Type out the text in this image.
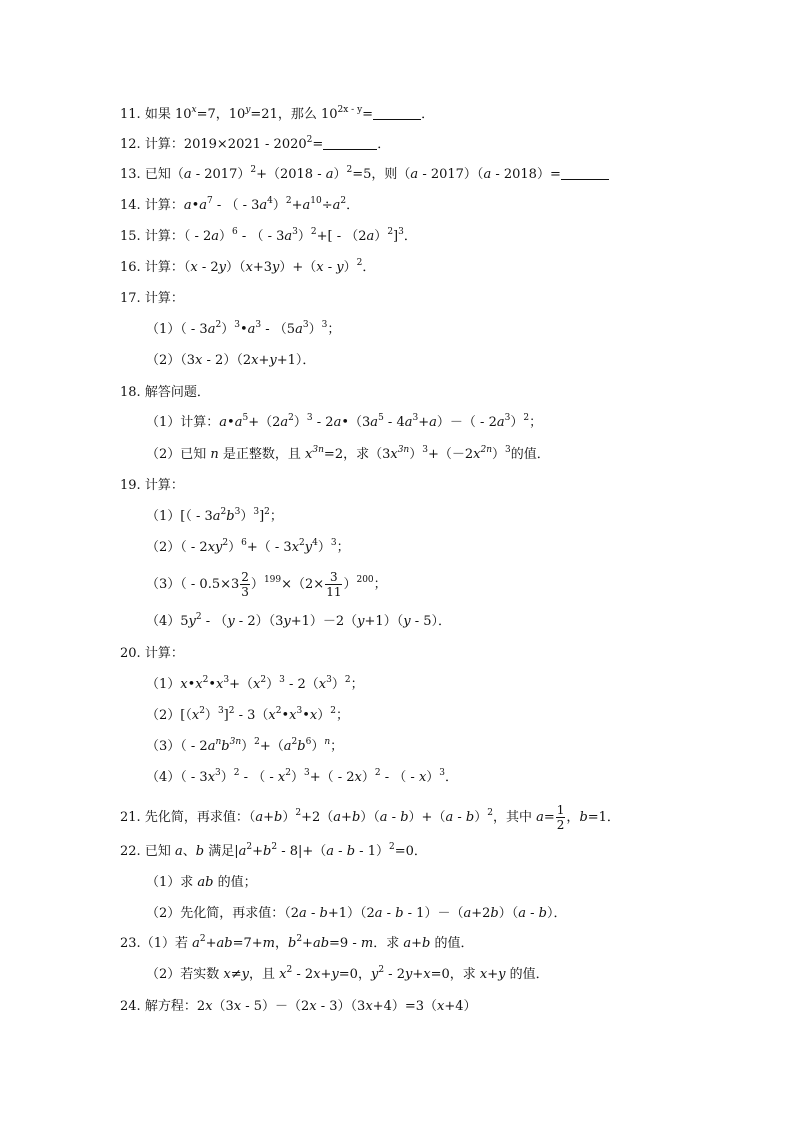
11. 如果 $10^x=7$，$10^y=21$，那么 $10^{2x - y}=$	．
12. 计算：$2019\times 2021 - 2020^2=$	．
13. 已知（a - 2017）$^2$+（2018 - a）$^2$=5，则（a - 2017）（a - 2018）=
14. 计算：$a•a^7$ - （ - $3a^4)^2+a^{10}\div a^2$．
15. 计算：（ - 2a）$^6$ - （ - $3a^3)^2+[ - (2a)^2]^3$．
16. 计算：（x - 2y）（x+3y）+（x - y）$^2$．
17. 计算：
$(1)( - 3a^2)^3•a^3 - (5a^3)^3$；
（2）（3x - 2）（2x+y+1）．
18. 解答问题．
（1）计算：$a•a^5+(2a^2)^3$ - $2a•(3a^5 - 4a^3+a)-( - 2a^3)^2$；
（2）已知 n 是正整数，且 $x^{3n}=2$，求$(3x^{3n})^3+(-2x^{2n})^3$的值．
19. 计算：
$(1)[( - 3a^2b^3)^3]^2$；
$(2)( - 2xy^2)^6+( - 3x^2y^4)^3$；
$(3)( - 0.5\times 3 \frac{2}{3} )^{199}\times(2\times \frac{3}{11} )^{200}$；
$(4)5y^2 - (y - 2)(3y+1)-2(y+1)(y - 5)$．
20. 计算：
$(1)x•x^2•x^3+(x^2)^3 - 2(x^3)^2$；
$(2)[(x^2)^3]^2$ - $3(x^2•x^3•x)^2$；
$(3)( - 2a^nb^{3n})^2+(a^2b^6)^n$；
$(4)( - 3x^3)^2$ - （ - $x^2)^3+( - 2x)^2$ - （ - x）$^3$．
21. 先化简，再求值：$(a+b)^2+2(a+b)(a - b)+(a - b)^2$，其中 $a= \frac{1}{2}$ ，b=1．
22. 已知 a、b 满足$|a^2+b^2 - 8|+(a - b - 1)^2=0$．
（1）求 ab 的值；
（2）先化简，再求值：（2a - b+1）（2a - b - 1）－（a+2b）（a - b）．
23.（1）若 $a^2+ab=7+m$，$b^2+ab=9 - m$．求 a+b 的值．
（2）若实数 x≠y，且 $x^2 - 2x+y=0$，$y^2 - 2y+x=0$，求 x+y 的值．
24. 解方程：2x（3x - 5）－（2x - 3）（3x+4）=3（x+4）
